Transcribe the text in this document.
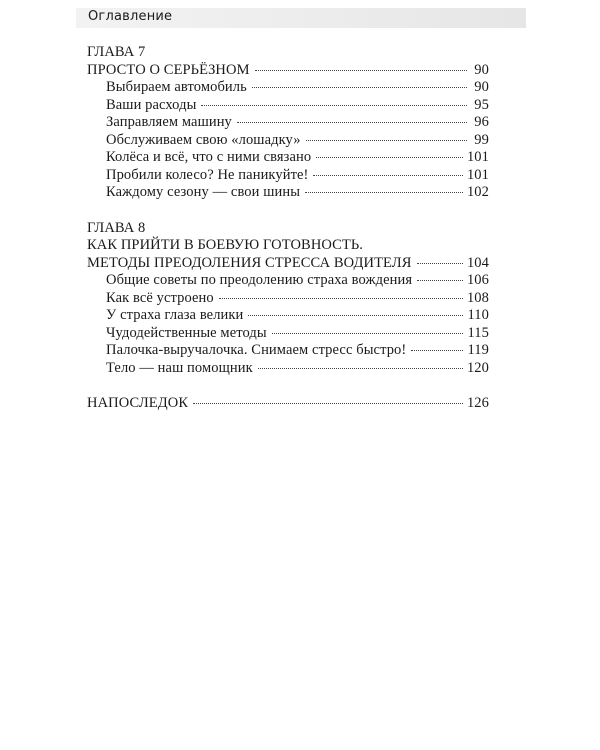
Оглавление
ГЛАВА 7
ПРОСТО О СЕРЬЁЗНОМ	90
Выбираем автомобиль	90
Ваши расходы	95
Заправляем машину	96
Обслуживаем свою «лошадку»	99
Колёса и всё, что с ними связано	101
Пробили колесо? Не паникуйте!	101
Каждому сезону — свои шины	102
ГЛАВА 8
КАК ПРИЙТИ В БОЕВУЮ ГОТОВНОСТЬ.
МЕТОДЫ ПРЕОДОЛЕНИЯ СТРЕССА ВОДИТЕЛЯ	104
Общие советы по преодолению страха вождения	106
Как всё устроено	108
У страха глаза велики	110
Чудодейственные методы	115
Палочка-выручалочка. Снимаем стресс быстро!	119
Тело — наш помощник	120
НАПОСЛЕДОК	126
